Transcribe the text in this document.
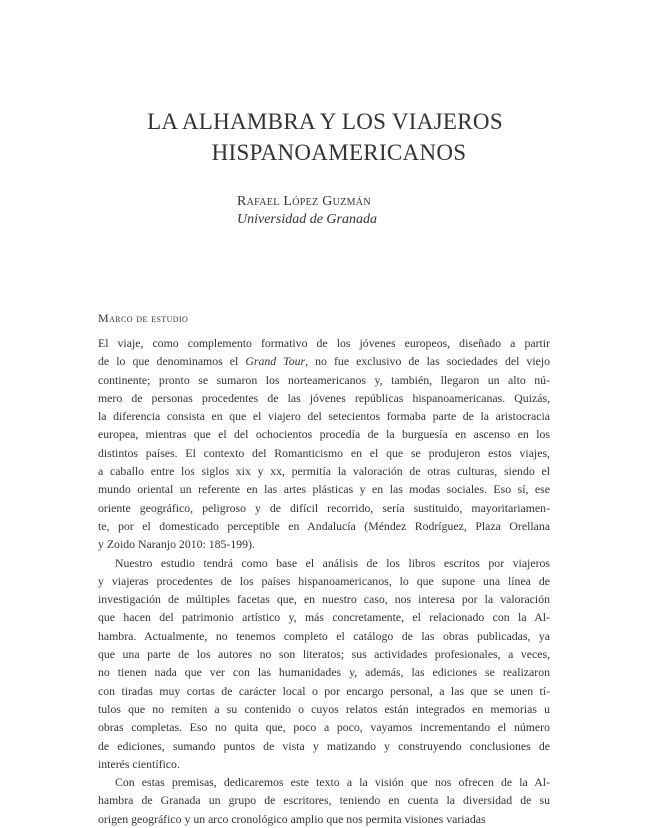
LA ALHAMBRA Y LOS VIAJEROS
HISPANOAMERICANOS
Rafael López Guzmán
Universidad de Granada
Marco de estudio
El viaje, como complemento formativo de los jóvenes europeos, diseñado a partir
de lo que denominamos el Grand Tour, no fue exclusivo de las sociedades del viejo
continente; pronto se sumaron los norteamericanos y, también, llegaron un alto nú-
mero de personas procedentes de las jóvenes repúblicas hispanoamericanas. Quizás,
la diferencia consista en que el viajero del setecientos formaba parte de la aristocracia
europea, mientras que el del ochocientos procedía de la burguesía en ascenso en los
distintos países. El contexto del Romanticismo en el que se produjeron estos viajes,
a caballo entre los siglos xix y xx, permitía la valoración de otras culturas, siendo el
mundo oriental un referente en las artes plásticas y en las modas sociales. Eso sí, ese
oriente geográfico, peligroso y de difícil recorrido, sería sustituido, mayoritariamen-
te, por el domesticado perceptible en Andalucía (Méndez Rodríguez, Plaza Orellana
y Zoido Naranjo 2010: 185-199).
Nuestro estudio tendrá como base el análisis de los libros escritos por viajeros
y viajeras procedentes de los países hispanoamericanos, lo que supone una línea de
investigación de múltiples facetas que, en nuestro caso, nos interesa por la valoración
que hacen del patrimonio artístico y, más concretamente, el relacionado con la Al-
hambra. Actualmente, no tenemos completo el catálogo de las obras publicadas, ya
que una parte de los autores no son literatos; sus actividades profesionales, a veces,
no tienen nada que ver con las humanidades y, además, las ediciones se realizaron
con tiradas muy cortas de carácter local o por encargo personal, a las que se unen tí-
tulos que no remiten a su contenido o cuyos relatos están integrados en memorias u
obras completas. Eso no quita que, poco a poco, vayamos incrementando el número
de ediciones, sumando puntos de vista y matizando y construyendo conclusiones de
interés científico.
Con estas premisas, dedicaremos este texto a la visión que nos ofrecen de la Al-
hambra de Granada un grupo de escritores, teniendo en cuenta la diversidad de su
origen geográfico y un arco cronológico amplio que nos permita visiones variadas
